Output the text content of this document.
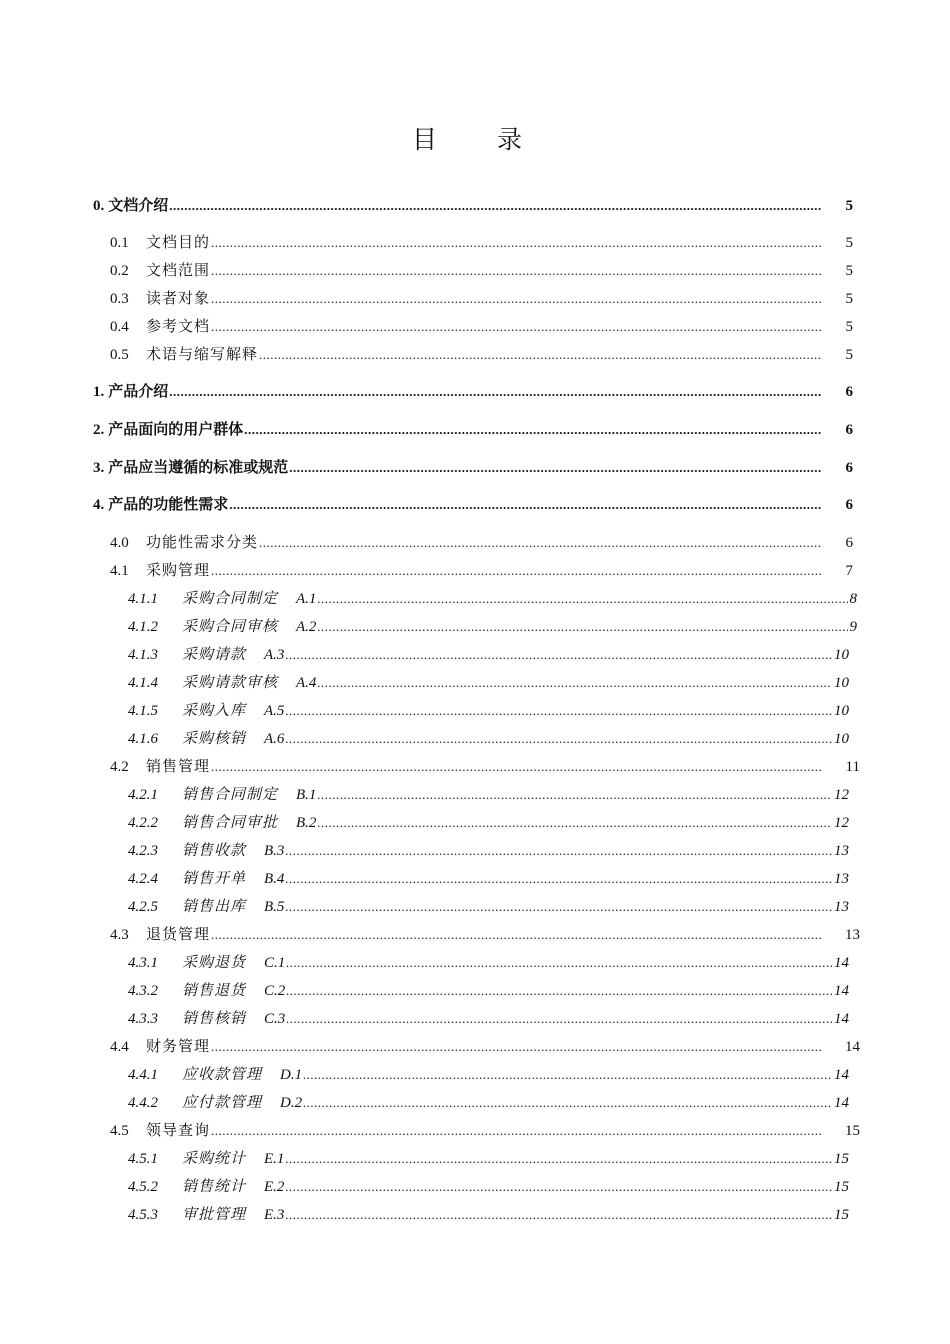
目 录
0. 文档介绍 .....	5
0.1	文档目的 .....	5
0.2	文档范围 .....	5
0.3	读者对象 .....	5
0.4	参考文档 .....	5
0.5	术语与缩写解释 .....	5
1. 产品介绍 .....	6
2. 产品面向的用户群体 .....	6
3. 产品应当遵循的标准或规范 .....	6
4. 产品的功能性需求 .....	6
4.0	功能性需求分类 .....	6
4.1	采购管理 .....	7
4.1.1	采购合同制定 A.1 .....	8
4.1.2	采购合同审核 A.2 .....	9
4.1.3	采购请款 A.3 .....	10
4.1.4	采购请款审核 A.4 .....	10
4.1.5	采购入库 A.5 .....	10
4.1.6	采购核销 A.6 .....	10
4.2	销售管理 .....	11
4.2.1	销售合同制定 B.1 .....	12
4.2.2	销售合同审批 B.2 .....	12
4.2.3	销售收款 B.3 .....	13
4.2.4	销售开单 B.4 .....	13
4.2.5	销售出库 B.5 .....	13
4.3	退货管理 .....	13
4.3.1	采购退货 C.1 .....	14
4.3.2	销售退货 C.2 .....	14
4.3.3	销售核销 C.3 .....	14
4.4	财务管理 .....	14
4.4.1	应收款管理 D.1 .....	14
4.4.2	应付款管理 D.2 .....	14
4.5	领导查询 .....	15
4.5.1	采购统计 E.1 .....	15
4.5.2	销售统计 E.2 .....	15
4.5.3	审批管理 E.3 .....	15
